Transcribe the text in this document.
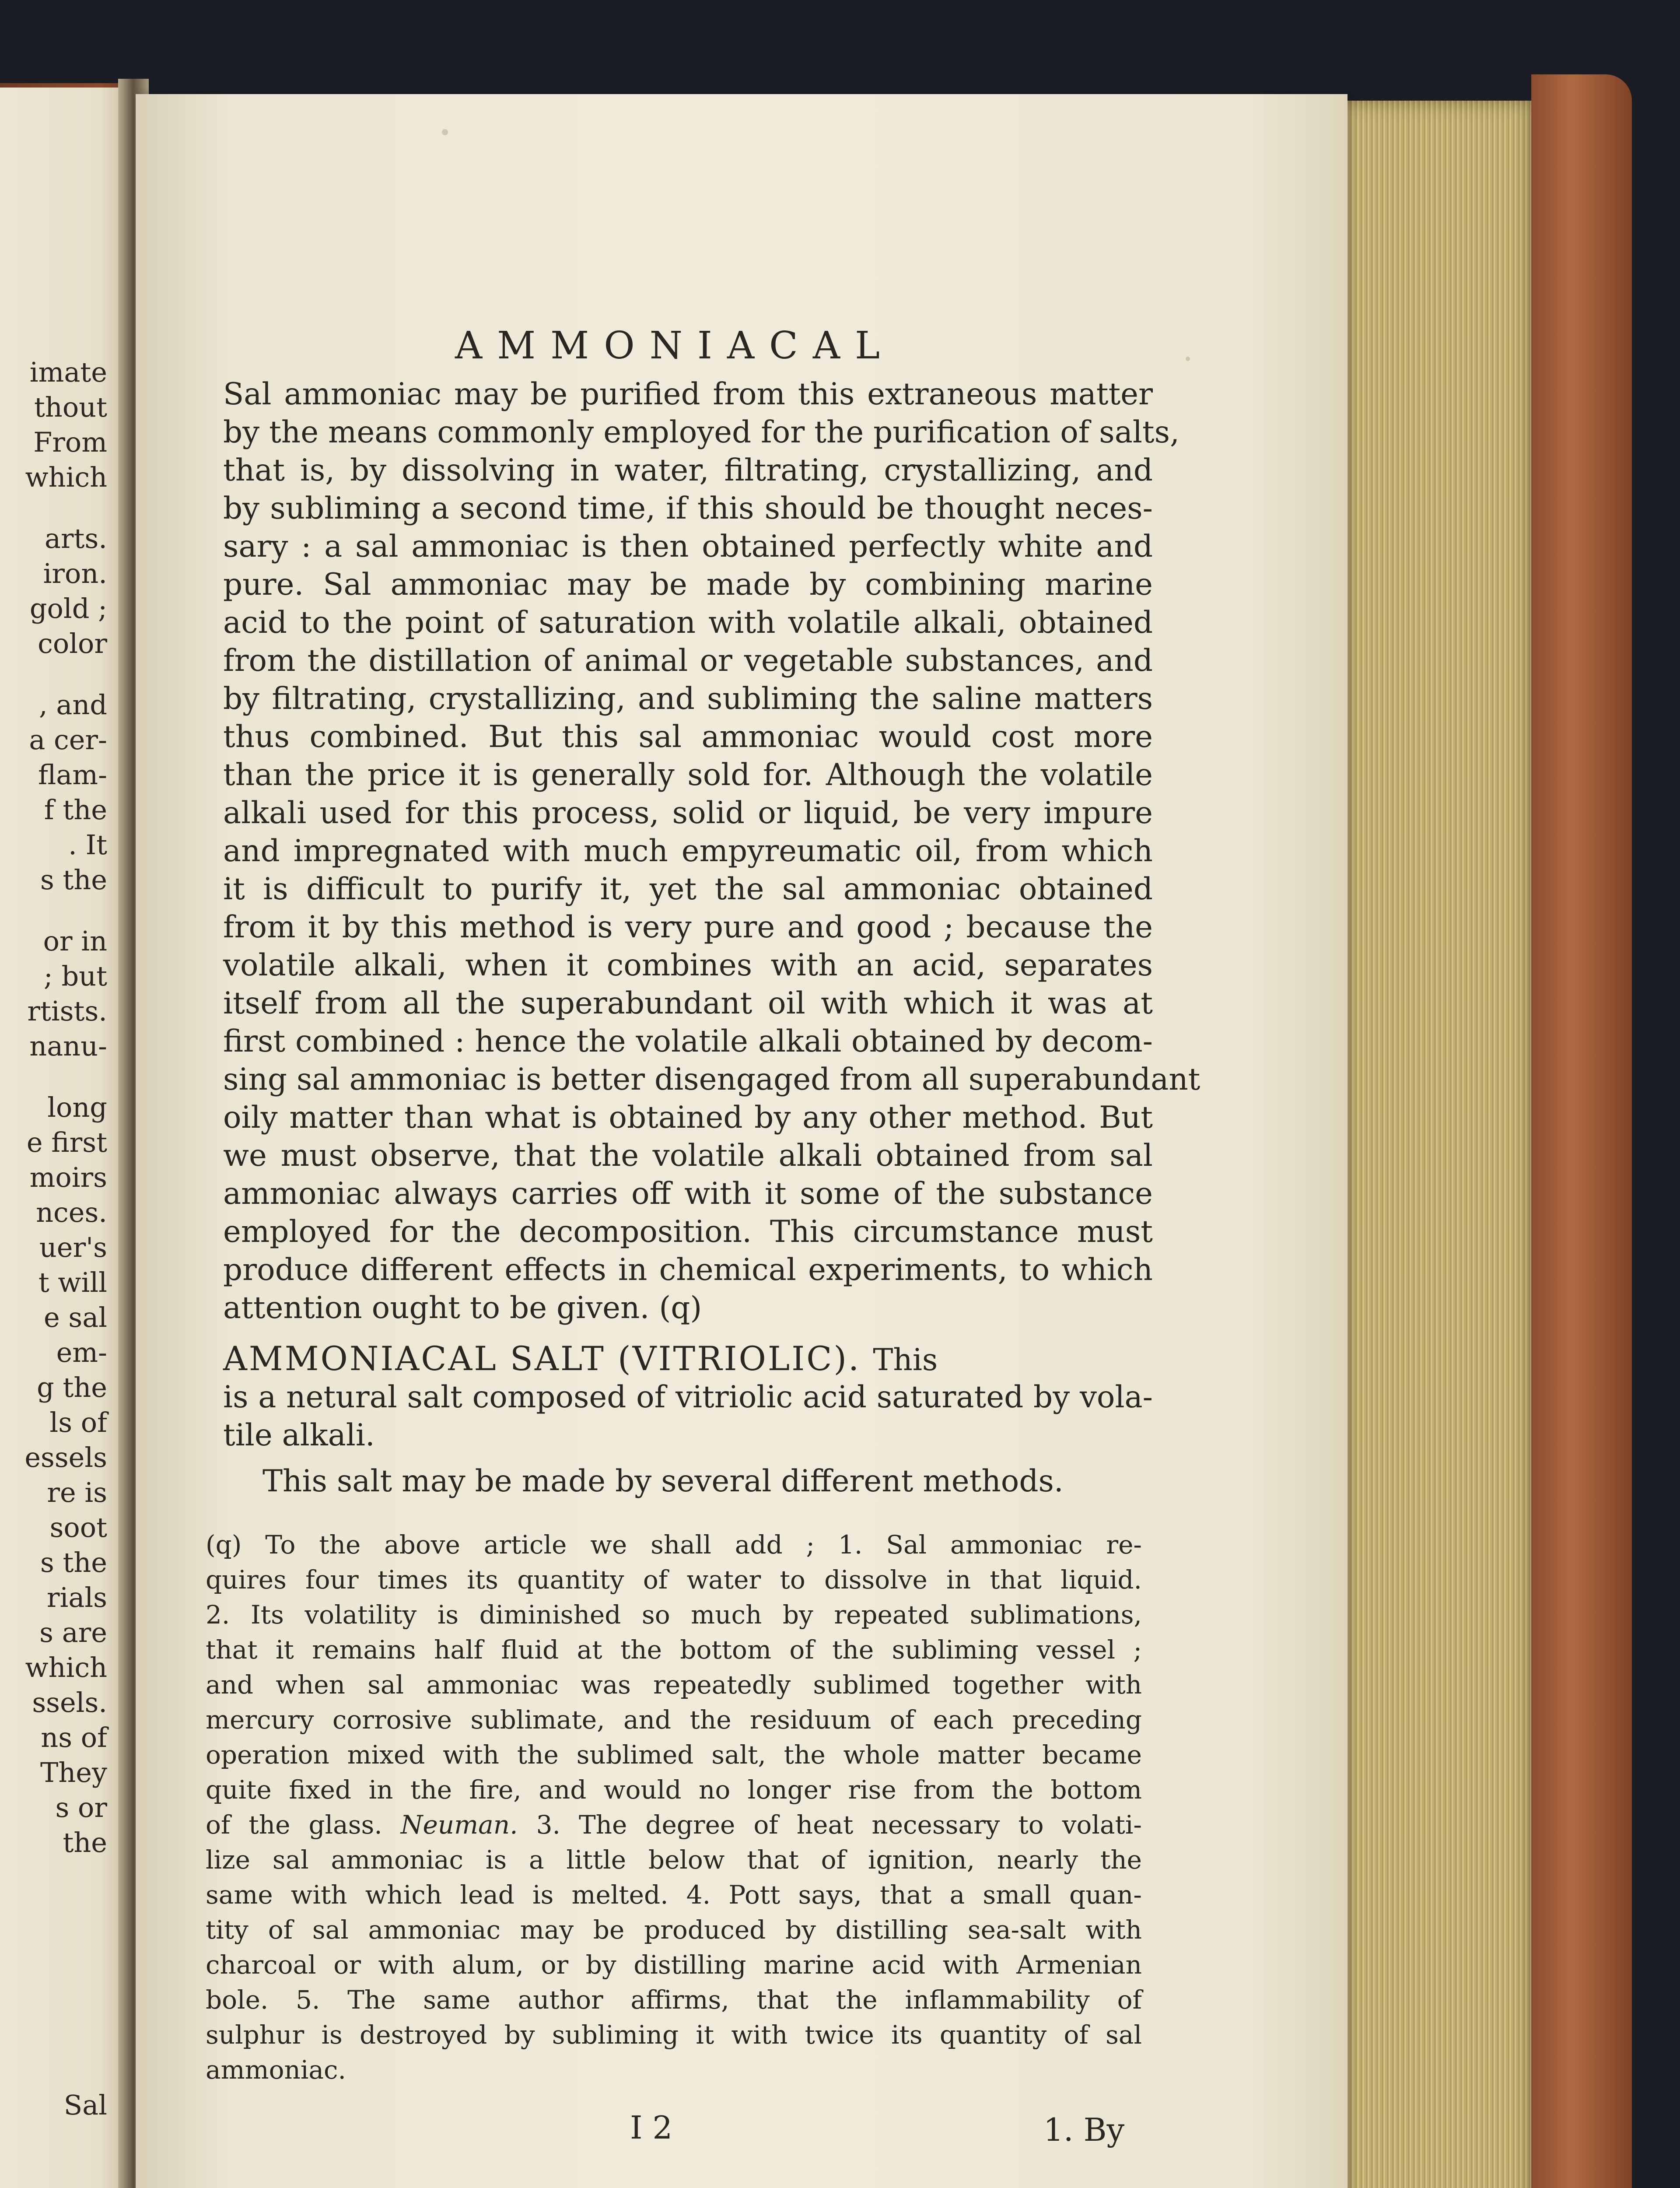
imate
thout
From
which
arts.
iron.
gold ;
color
, and
a cer-
flam-
f the
. It
s the
or in
; but
rtists.
nanu-
long
e first
moirs
nces.
uer's
t will
e sal
em-
g the
ls of
essels
re is
soot
s the
rials
s are
which
ssels.
ns of
They
s or
the
Sal
AMMONIACAL
Sal ammoniac may be purified from this extraneous matter
by the means commonly employed for the purification of salts,
that is, by dissolving in water, filtrating, crystallizing, and
by subliming a second time, if this should be thought neces-
sary : a sal ammoniac is then obtained perfectly white and
pure. Sal ammoniac may be made by combining marine
acid to the point of saturation with volatile alkali, obtained
from the distillation of animal or vegetable substances, and
by filtrating, crystallizing, and subliming the saline matters
thus combined. But this sal ammoniac would cost more
than the price it is generally sold for. Although the volatile
alkali used for this process, solid or liquid, be very impure
and impregnated with much empyreumatic oil, from which
it is difficult to purify it, yet the sal ammoniac obtained
from it by this method is very pure and good ; because the
volatile alkali, when it combines with an acid, separates
itself from all the superabundant oil with which it was at
first combined : hence the volatile alkali obtained by decom-
sing sal ammoniac is better disengaged from all superabundant
oily matter than what is obtained by any other method. But
we must observe, that the volatile alkali obtained from sal
ammoniac always carries off with it some of the substance
employed for the decomposition. This circumstance must
produce different effects in chemical experiments, to which
attention ought to be given. (q)
AMMONIACAL SALT (VITRIOLIC). This
is a netural salt composed of vitriolic acid saturated by vola-
tile alkali.
This salt may be made by several different methods.
(q) To the above article we shall add ; 1. Sal ammoniac re-
quires four times its quantity of water to dissolve in that liquid.
2. Its volatility is diminished so much by repeated sublimations,
that it remains half fluid at the bottom of the subliming vessel ;
and when sal ammoniac was repeatedly sublimed together with
mercury corrosive sublimate, and the residuum of each preceding
operation mixed with the sublimed salt, the whole matter became
quite fixed in the fire, and would no longer rise from the bottom
of the glass. Neuman. 3. The degree of heat necessary to volati-
lize sal ammoniac is a little below that of ignition, nearly the
same with which lead is melted. 4. Pott says, that a small quan-
tity of sal ammoniac may be produced by distilling sea-salt with
charcoal or with alum, or by distilling marine acid with Armenian
bole. 5. The same author affirms, that the inflammability of
sulphur is destroyed by subliming it with twice its quantity of sal
ammoniac.
I 2	1. By
